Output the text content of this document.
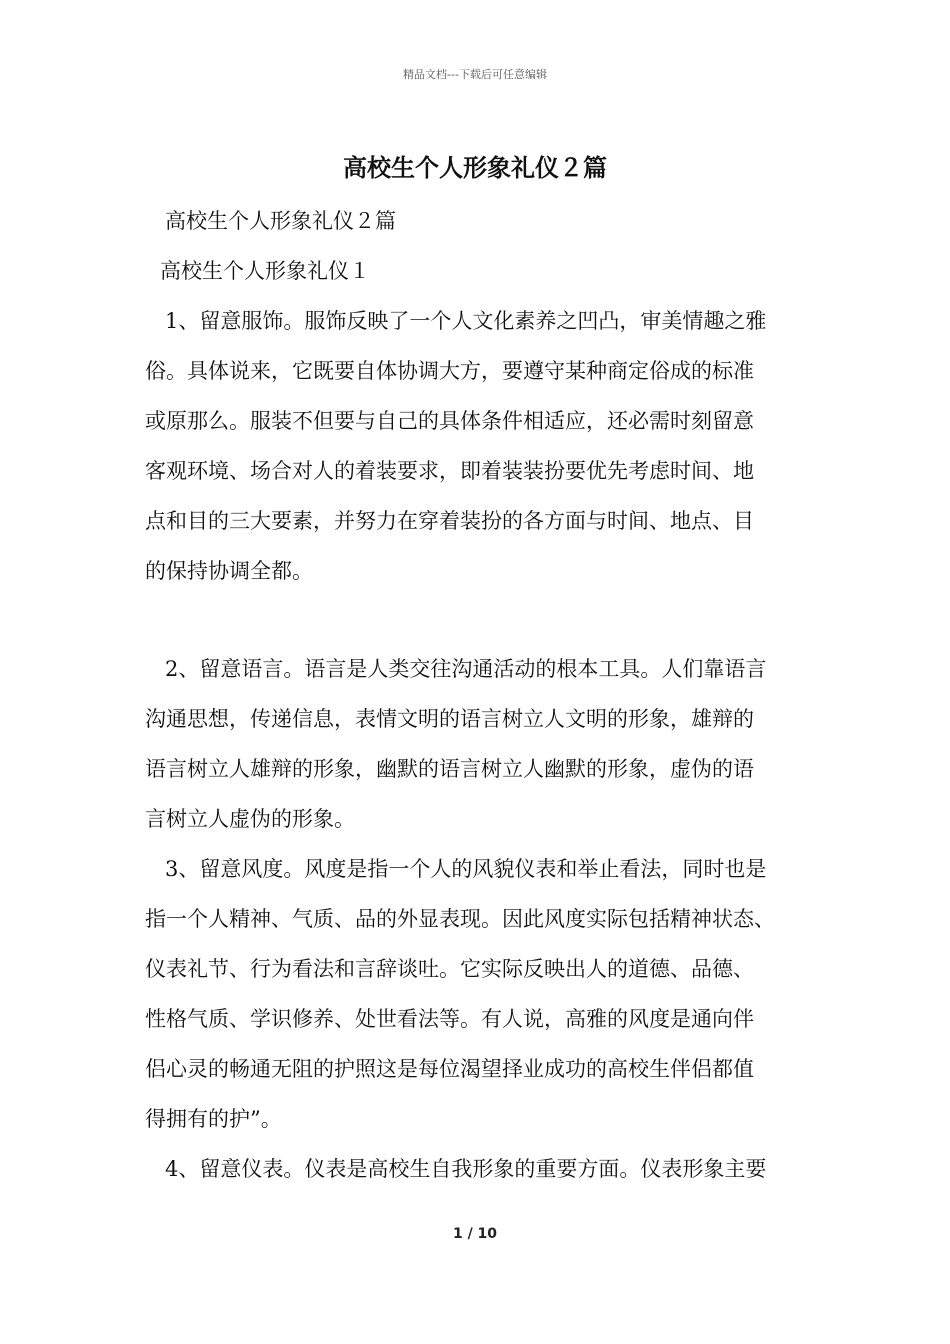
精品文档---下载后可任意编辑
高校生个人形象礼仪２篇
高校生个人形象礼仪２篇
高校生个人形象礼仪１
1、留意服饰。服饰反映了一个人文化素养之凹凸，审美情趣之雅
俗。具体说来，它既要自体协调大方，要遵守某种商定俗成的标准
或原那么。服装不但要与自己的具体条件相适应，还必需时刻留意
客观环境、场合对人的着装要求，即着装装扮要优先考虑时间、地
点和目的三大要素，并努力在穿着装扮的各方面与时间、地点、目
的保持协调全都。
2、留意语言。语言是人类交往沟通活动的根本工具。人们靠语言
沟通思想，传递信息，表情文明的语言树立人文明的形象，雄辩的
语言树立人雄辩的形象，幽默的语言树立人幽默的形象，虚伪的语
言树立人虚伪的形象。
3、留意风度。风度是指一个人的风貌仪表和举止看法，同时也是
指一个人精神、气质、品的外显表现。因此风度实际包括精神状态、
仪表礼节、行为看法和言辞谈吐。它实际反映出人的道德、品德、
性格气质、学识修养、处世看法等。有人说，高雅的风度是通向伴
侣心灵的畅通无阻的护照这是每位渴望择业成功的高校生伴侣都值
得拥有的护”。
4、留意仪表。仪表是高校生自我形象的重要方面。仪表形象主要
1 / 10
